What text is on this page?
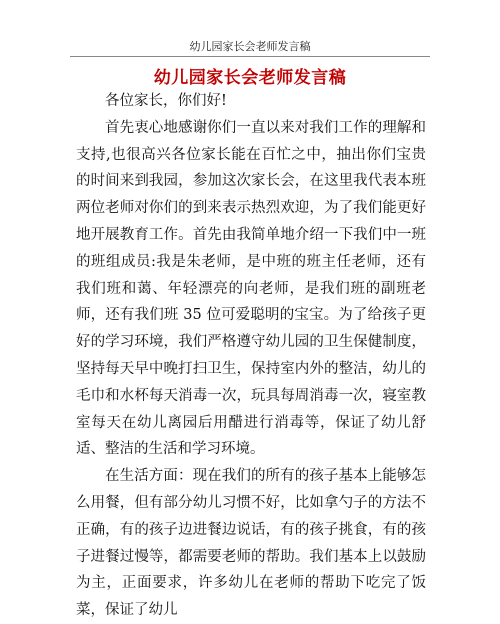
幼儿园家长会老师发言稿
幼儿园家长会老师发言稿

各位家长，你们好!

首先衷心地感谢你们一直以来对我们工作的理解和支持,也很高兴各位家长能在百忙之中，抽出你们宝贵的时间来到我园，参加这次家长会，在这里我代表本班两位老师对你们的到来表示热烈欢迎，为了我们能更好地开展教育工作。首先由我简单地介绍一下我们中一班的班组成员:我是朱老师，是中班的班主任老师，还有我们班和蔼、年轻漂亮的向老师，是我们班的副班老师，还有我们班 35 位可爱聪明的宝宝。为了给孩子更好的学习环境，我们严格遵守幼儿园的卫生保健制度，坚持每天早中晚打扫卫生，保持室内外的整洁，幼儿的毛巾和水杯每天消毒一次，玩具每周消毒一次，寝室教室每天在幼儿离园后用醋进行消毒等，保证了幼儿舒适、整洁的生活和学习环境。

在生活方面：现在我们的所有的孩子基本上能够怎么用餐，但有部分幼儿习惯不好，比如拿勺子的方法不正确，有的孩子边进餐边说话，有的孩子挑食，有的孩子进餐过慢等，都需要老师的帮助。我们基本上以鼓励为主，正面要求，许多幼儿在老师的帮助下吃完了饭菜，保证了幼儿
